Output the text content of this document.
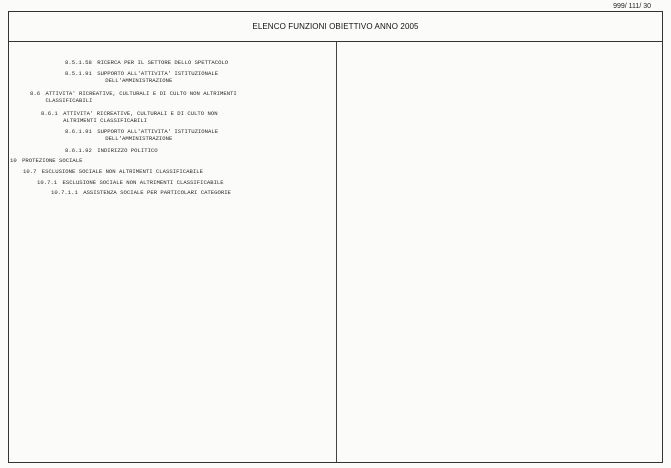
999/ 111/ 30
ELENCO FUNZIONI OBIETTIVO ANNO 2005
8.5.1.58 RICERCA PER IL SETTORE DELLO SPETTACOLO
8.5.1.91 SUPPORTO ALL'ATTIVITA' ISTITUZIONALE
DELL'AMMINISTRAZIONE
8.6 ATTIVITA' RICREATIVE, CULTURALI E DI CULTO NON ALTRIMENTI
CLASSIFICABILI
8.6.1 ATTIVITA' RICREATIVE, CULTURALI E DI CULTO NON
ALTRIMENTI CLASSIFICABILI
8.6.1.91 SUPPORTO ALL'ATTIVITA' ISTITUZIONALE
DELL'AMMINISTRAZIONE
8.6.1.92 INDIRIZZO POLITICO
10 PROTEZIONE SOCIALE
10.7 ESCLUSIONE SOCIALE NON ALTRIMENTI CLASSIFICABILE
10.7.1 ESCLUSIONE SOCIALE NON ALTRIMENTI CLASSIFICABILE
10.7.1.1 ASSISTENZA SOCIALE PER PARTICOLARI CATEGORIE
